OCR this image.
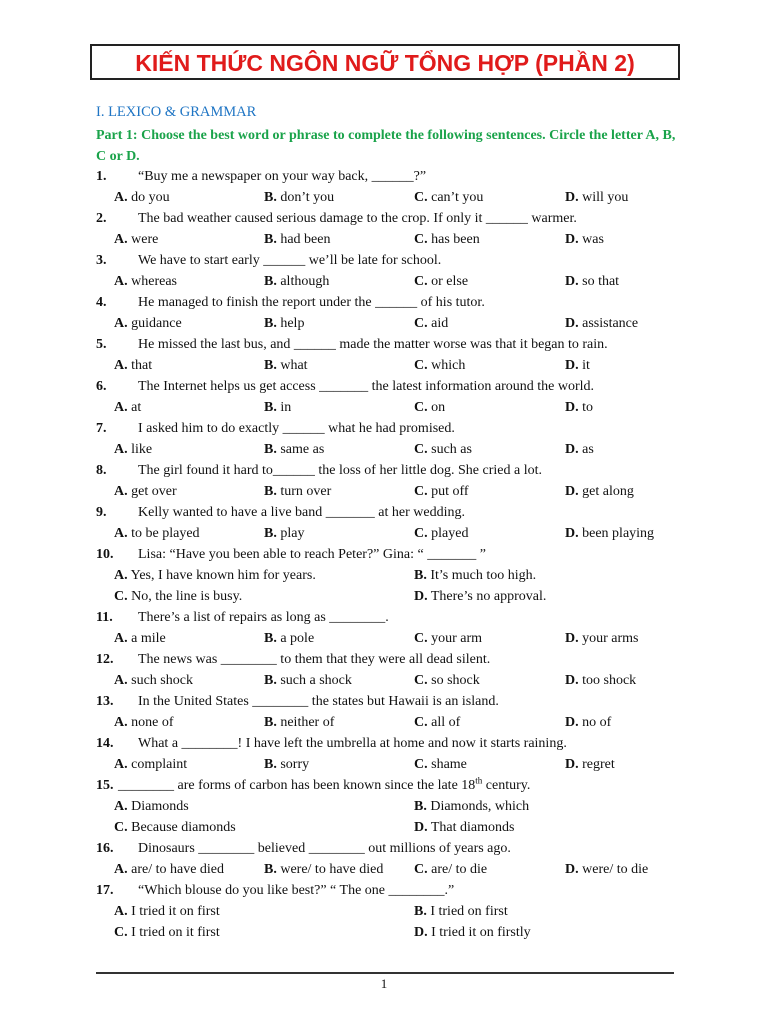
KIẾN THỨC NGÔN NGỮ TỔNG HỢP (PHẦN 2)
I. LEXICO & GRAMMAR
Part 1: Choose the best word or phrase to complete the following sentences. Circle the letter A, B, C or D.
1. “Buy me a newspaper on your way back, ______?”
A. do you	B. don’t you	C. can’t you	D. will you
2. The bad weather caused serious damage to the crop. If only it ______ warmer.
A. were	B. had been	C. has been	D. was
3. We have to start early ______ we’ll be late for school.
A. whereas	B. although	C. or else	D. so that
4. He managed to finish the report under the ______ of his tutor.
A. guidance	B. help	C. aid	D. assistance
5. He missed the last bus, and ______ made the matter worse was that it began to rain.
A. that	B. what	C. which	D. it
6. The Internet helps us get access _______ the latest information around the world.
A. at	B. in	C. on	D. to
7. I asked him to do exactly ______ what he had promised.
A. like	B. same as	C. such as	D. as
8. The girl found it hard to______ the loss of her little dog. She cried a lot.
A. get over	B. turn over	C. put off	D. get along
9. Kelly wanted to have a live band _______ at her wedding.
A. to be played	B. play	C. played	D. been playing
10. Lisa: “Have you been able to reach Peter?” Gina: “ _______ ”
A. Yes, I have known him for years.	B. It’s much too high.
C. No, the line is busy.	D. There’s no approval.
11. There’s a list of repairs as long as ________.
A. a mile	B. a pole	C. your arm	D. your arms
12. The news was ________ to them that they were all dead silent.
A. such shock	B. such a shock	C. so shock	D. too shock
13. In the United States ________ the states but Hawaii is an island.
A. none of	B. neither of	C. all of	D. no of
14. What a ________! I have left the umbrella at home and now it starts raining.
A. complaint	B. sorry	C. shame	D. regret
15. ________ are forms of carbon has been known since the late 18th century.
A. Diamonds	B. Diamonds, which
C. Because diamonds	D. That diamonds
16. Dinosaurs ________ believed ________ out millions of years ago.
A. are/ to have died	B. were/ to have died C. are/ to die	D. were/ to die
17. “Which blouse do you like best?” “ The one ________.”
A. I tried it on first	B. I tried on first
C. I tried on it first	D. I tried it on firstly
1
